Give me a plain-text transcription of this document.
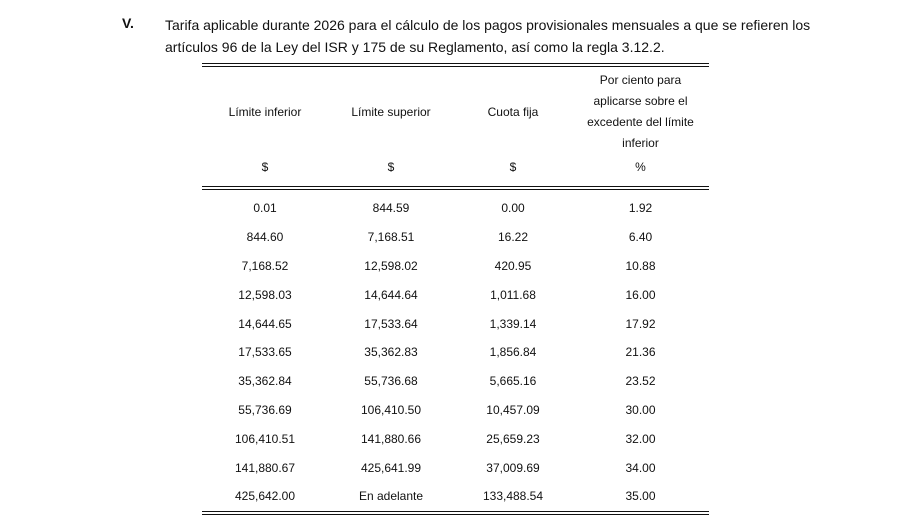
V. Tarifa aplicable durante 2026 para el cálculo de los pagos provisionales mensuales a que se refieren los
artículos 96 de la Ley del ISR y 175 de su Reglamento, así como la regla 3.12.2.

Límite inferior	Límite superior	Cuota fija	Por ciento para aplicarse sobre el excedente del límite inferior
$	$	$	%
0.01	844.59	0.00	1.92
844.60	7,168.51	16.22	6.40
7,168.52	12,598.02	420.95	10.88
12,598.03	14,644.64	1,011.68	16.00
14,644.65	17,533.64	1,339.14	17.92
17,533.65	35,362.83	1,856.84	21.36
35,362.84	55,736.68	5,665.16	23.52
55,736.69	106,410.50	10,457.09	30.00
106,410.51	141,880.66	25,659.23	32.00
141,880.67	425,641.99	37,009.69	34.00
425,642.00	En adelante	133,488.54	35.00
